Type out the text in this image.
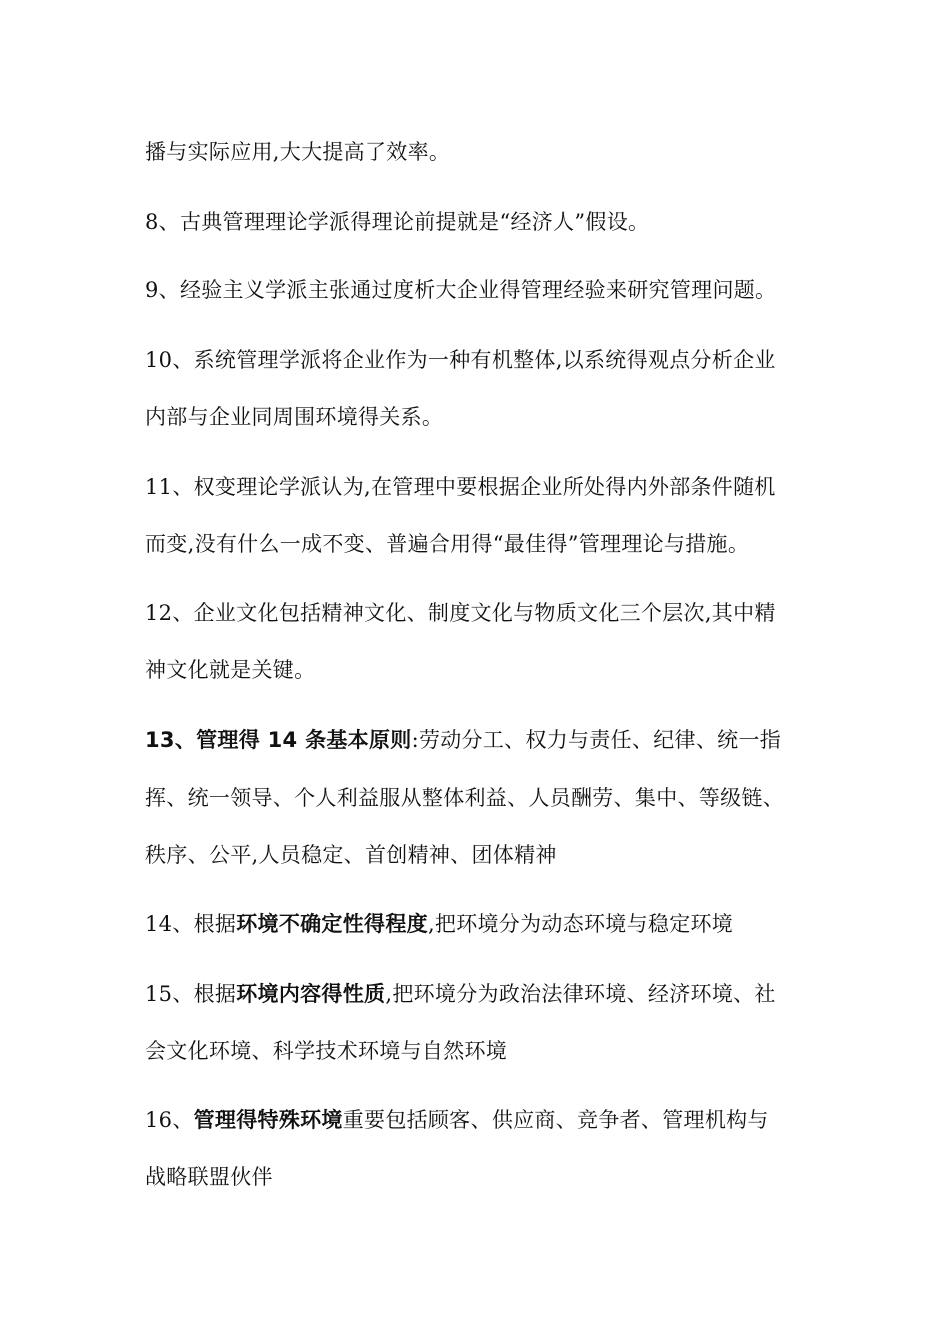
播与实际应用,大大提高了效率。
8、古典管理理论学派得理论前提就是“经济人”假设。
9、经验主义学派主张通过度析大企业得管理经验来研究管理问题。
10、系统管理学派将企业作为一种有机整体,以系统得观点分析企业
内部与企业同周围环境得关系。
11、权变理论学派认为,在管理中要根据企业所处得内外部条件随机
而变,没有什么一成不变、普遍合用得“最佳得”管理理论与措施。
12、企业文化包括精神文化、制度文化与物质文化三个层次,其中精
神文化就是关键。
13、管理得 14 条基本原则:劳动分工、权力与责任、纪律、统一指
挥、统一领导、个人利益服从整体利益、人员酬劳、集中、等级链、
秩序、公平,人员稳定、首创精神、团体精神
14、根据环境不确定性得程度,把环境分为动态环境与稳定环境
15、根据环境内容得性质,把环境分为政治法律环境、经济环境、社
会文化环境、科学技术环境与自然环境
16、管理得特殊环境重要包括顾客、供应商、竞争者、管理机构与
战略联盟伙伴
